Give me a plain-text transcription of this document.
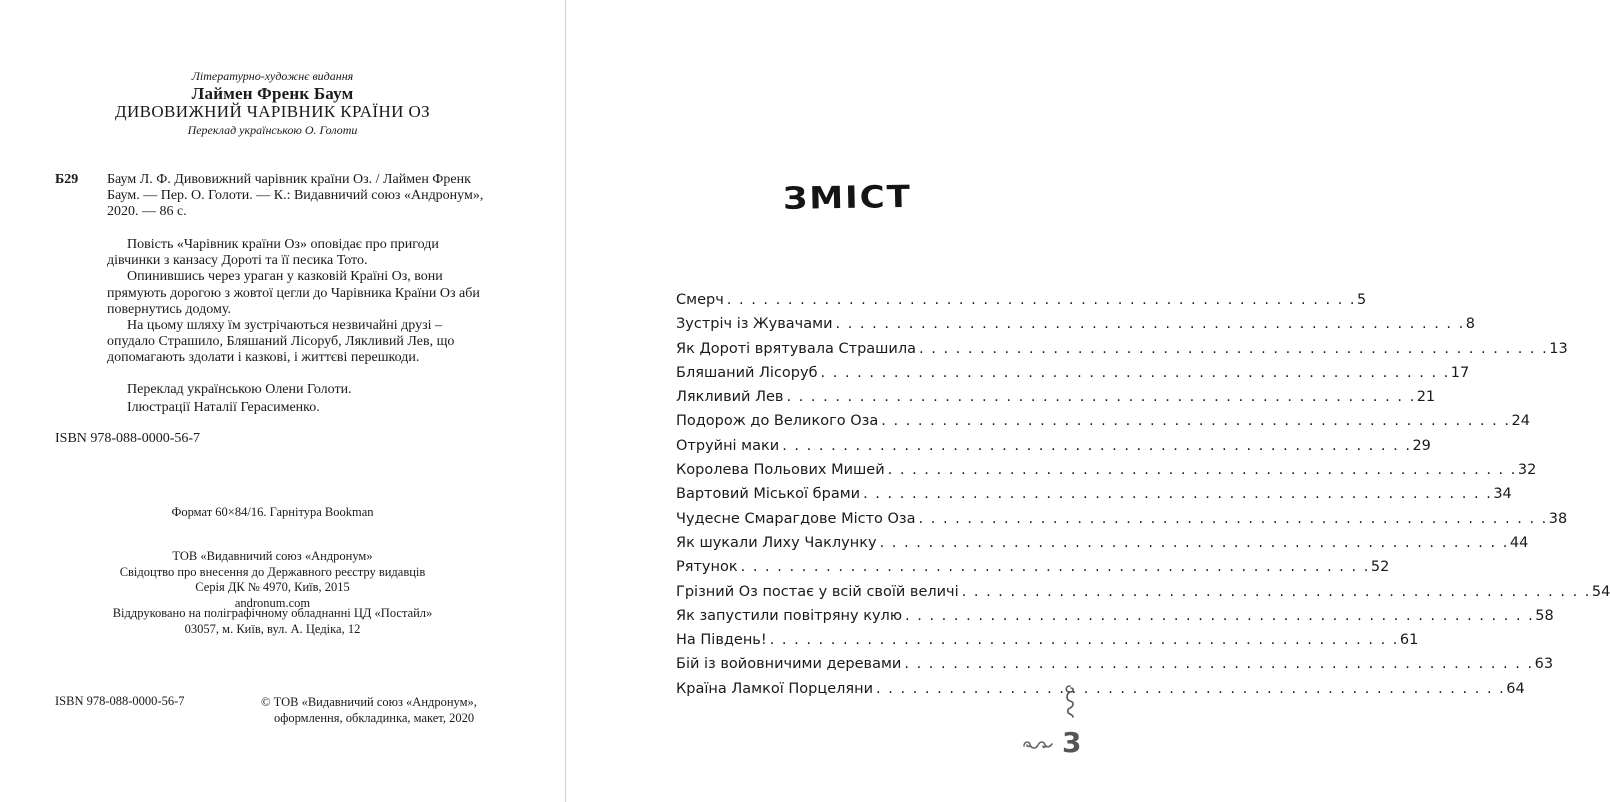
Літературно-художнє видання
Лаймен Френк Баум
ДИВОВИЖНИЙ ЧАРІВНИК КРАЇНИ ОЗ
Переклад українською О. Голоти
Б29 Баум Л. Ф. Дивовижний чарівник країни Оз. / Лаймен Френк Баум. — Пер. О. Голоти. — К.: Видавничий союз «Андронум», 2020. — 86 с.

Повість «Чарівник країни Оз» оповідає про пригоди дівчинки з канзасу Дороті та її песика Тото.

Опинившись через ураган у казковій Країні Оз, вони прямують дорогою з жовтої цегли до Чарівника Країни Оз аби повернутись додому.

На цьому шляху їм зустрічаються незвичайні друзі – опудало Страшило, Бляшаний Лісоруб, Лякливий Лев, що допомагають здолати і казкові, і життєві перешкоди.

Переклад українською Олени Голоти.
Ілюстрації Наталії Герасименко.
ISBN 978-088-0000-56-7
Формат 60×84/16. Гарнітура Bookman
ТОВ «Видавничий союз «Андронум»
Свідоцтво про внесення до Державного реєстру видавців
Серія ДК № 4970, Київ, 2015
andronum.com
Віддруковано на поліграфічному обладнанні ЦД «Постайл»
03057, м. Київ, вул. А. Цедіка, 12
ISBN 978-088-0000-56-7	© ТОВ «Видавничий союз «Андронум»,
оформлення, обкладинка, макет, 2020
ЗМІСТ
Смерч . . . . . . . . . . . . . . . . . . . . . . . . . . . . . . . . . . . . . . . . . . . . . . . . . . . . 5
Зустріч із Жувачами . . . . . . . . . . . . . . . . . . . . . . . . . . . . . . . . . . . . . . . . . . . . . . . . . . . . 8
Як Дороті врятувала Страшила . . . . . . . . . . . . . . . . . . . . . . . . . . . . . . . . . . . . . . . . . . . . . . . . . . . . 13
Бляшаний Лісоруб . . . . . . . . . . . . . . . . . . . . . . . . . . . . . . . . . . . . . . . . . . . . . . . . . . . . 17
Лякливий Лев . . . . . . . . . . . . . . . . . . . . . . . . . . . . . . . . . . . . . . . . . . . . . . . . . . . . 21
Подорож до Великого Оза . . . . . . . . . . . . . . . . . . . . . . . . . . . . . . . . . . . . . . . . . . . . . . . . . . . . 24
Отруйні маки . . . . . . . . . . . . . . . . . . . . . . . . . . . . . . . . . . . . . . . . . . . . . . . . . . . . 29
Королева Польових Мишей . . . . . . . . . . . . . . . . . . . . . . . . . . . . . . . . . . . . . . . . . . . . . . . . . . . . 32
Вартовий Міської брами . . . . . . . . . . . . . . . . . . . . . . . . . . . . . . . . . . . . . . . . . . . . . . . . . . . . 34
Чудесне Смарагдове Місто Оза . . . . . . . . . . . . . . . . . . . . . . . . . . . . . . . . . . . . . . . . . . . . . . . . . . . . 38
Як шукали Лиху Чаклунку . . . . . . . . . . . . . . . . . . . . . . . . . . . . . . . . . . . . . . . . . . . . . . . . . . . . 44
Рятунок . . . . . . . . . . . . . . . . . . . . . . . . . . . . . . . . . . . . . . . . . . . . . . . . . . . . 52
Грізний Оз постає у всій своїй величі . . . . . . . . . . . . . . . . . . . . . . . . . . . . . . . . . . . . . . . . . . . . . . . . . . . . 54
Як запустили повітряну кулю . . . . . . . . . . . . . . . . . . . . . . . . . . . . . . . . . . . . . . . . . . . . . . . . . . . . 58
На Південь! . . . . . . . . . . . . . . . . . . . . . . . . . . . . . . . . . . . . . . . . . . . . . . . . . . . . 61
Бій із войовничими деревами . . . . . . . . . . . . . . . . . . . . . . . . . . . . . . . . . . . . . . . . . . . . . . . . . . . . 63
Країна Ламкої Порцеляни . . . . . . . . . . . . . . . . . . . . . . . . . . . . . . . . . . . . . . . . . . . . . . . . . . . . 64
3
